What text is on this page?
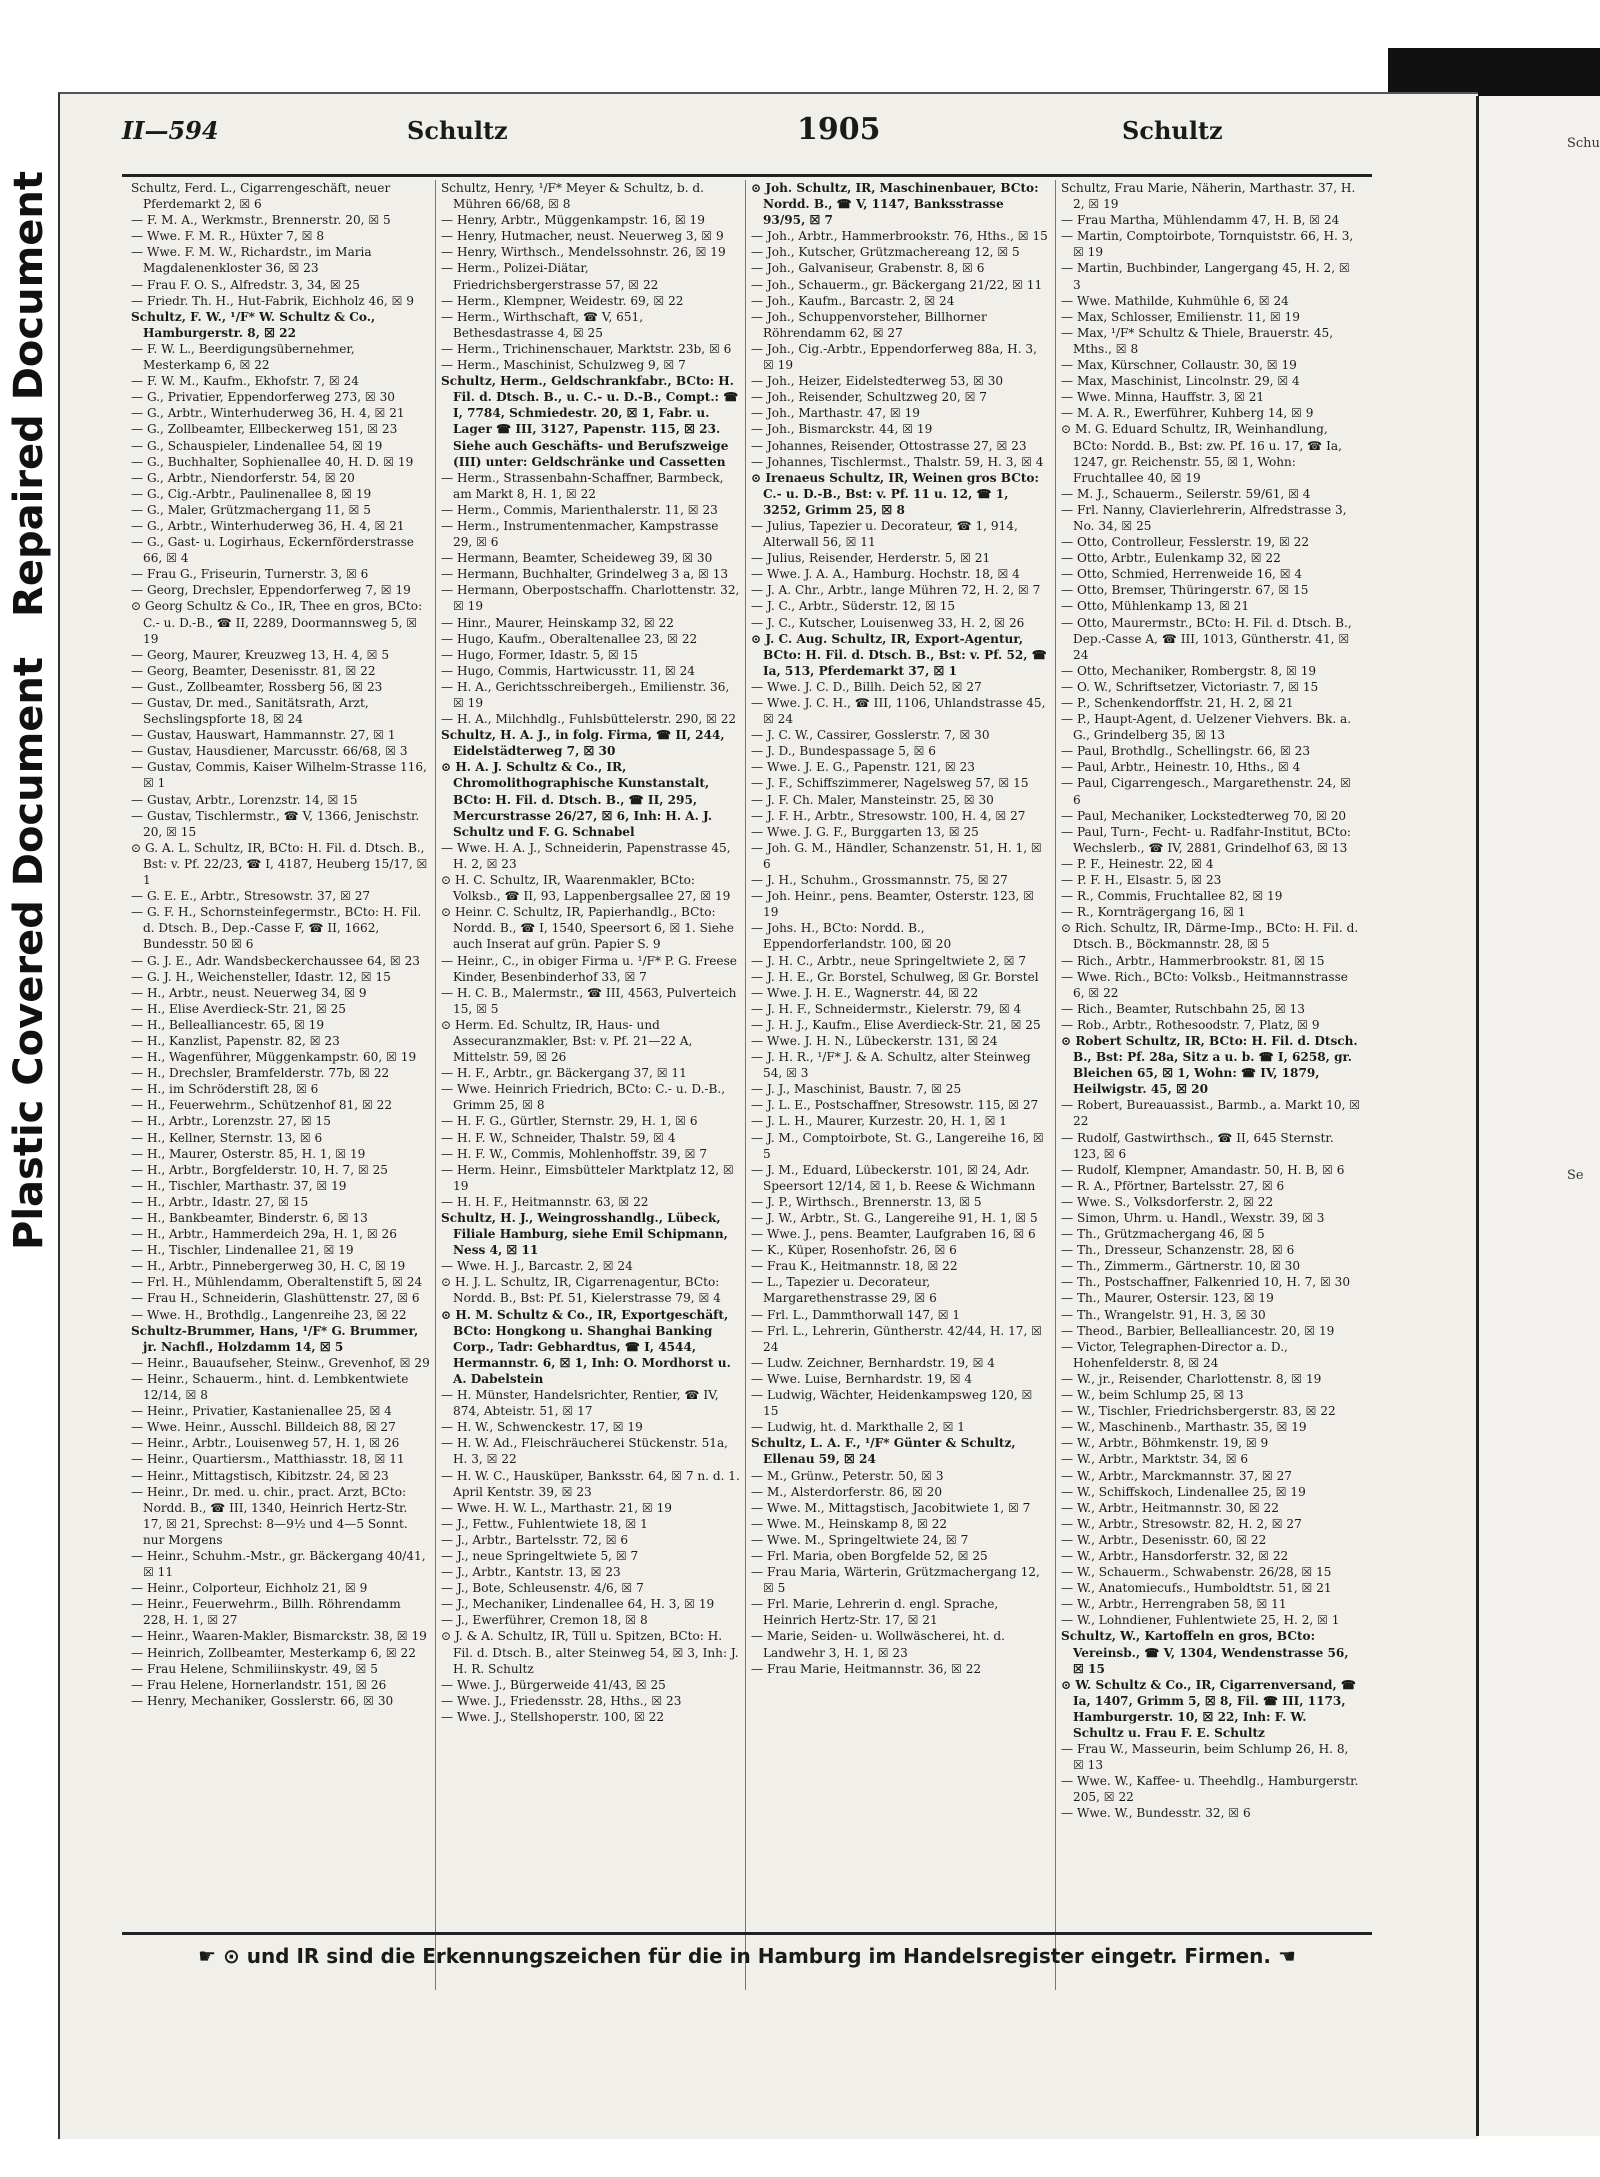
Plastic Covered Document
Repaired Document
II—594	Schultz	1905	Schultz

Schultz, Ferd. L., Cigarrengeschäft, neuer Pferdemarkt 2, ☒ 6

— F. M. A., Werkmstr., Brennerstr. 20, ☒ 5

— Wwe. F. M. R., Hüxter 7, ☒ 8

— Wwe. F. M. W., Richardstr., im Maria Magdalenenkloster 36, ☒ 23

— Frau F. O. S., Alfredstr. 3, 34, ☒ 25

— Friedr. Th. H., Hut-Fabrik, Eichholz 46, ☒ 9

Schultz, F. W., ¹/F* W. Schultz & Co., Hamburgerstr. 8, ☒ 22

— F. W. L., Beerdigungsübernehmer, Mesterkamp 6, ☒ 22

— F. W. M., Kaufm., Ekhofstr. 7, ☒ 24

— G., Privatier, Eppendorferweg 273, ☒ 30

— G., Arbtr., Winterhuderweg 36, H. 4, ☒ 21

— G., Zollbeamter, Ellbeckerweg 151, ☒ 23

— G., Schauspieler, Lindenallee 54, ☒ 19

— G., Buchhalter, Sophienallee 40, H. D. ☒ 19

— G., Arbtr., Niendorferstr. 54, ☒ 20

— G., Cig.-Arbtr., Paulinenallee 8, ☒ 19

— G., Maler, Grützmachergang 11, ☒ 5

— G., Arbtr., Winterhuderweg 36, H. 4, ☒ 21

— G., Gast- u. Logirhaus, Eckernförderstrasse 66, ☒ 4

— Frau G., Friseurin, Turnerstr. 3, ☒ 6

— Georg, Drechsler, Eppendorferweg 7, ☒ 19

⊙ Georg Schultz & Co., IR, Thee en gros, BCto: C.- u. D.-B., ☎ II, 2289, Doormannsweg 5, ☒ 19

— Georg, Maurer, Kreuzweg 13, H. 4, ☒ 5

— Georg, Beamter, Desenisstr. 81, ☒ 22

— Gust., Zollbeamter, Rossberg 56, ☒ 23

— Gustav, Dr. med., Sanitätsrath, Arzt, Sechslingspforte 18, ☒ 24

— Gustav, Hauswart, Hammannstr. 27, ☒ 1

— Gustav, Hausdiener, Marcusstr. 66/68, ☒ 3

— Gustav, Commis, Kaiser Wilhelm-Strasse 116, ☒ 1

— Gustav, Arbtr., Lorenzstr. 14, ☒ 15

— Gustav, Tischlermstr., ☎ V, 1366, Jenischstr. 20, ☒ 15

⊙ G. A. L. Schultz, IR, BCto: H. Fil. d. Dtsch. B., Bst: v. Pf. 22/23, ☎ I, 4187, Heuberg 15/17, ☒ 1

— G. E. E., Arbtr., Stresowstr. 37, ☒ 27

— G. F. H., Schornsteinfegermstr., BCto: H. Fil. d. Dtsch. B., Dep.-Casse F, ☎ II, 1662, Bundesstr. 50 ☒ 6

— G. J. E., Adr. Wandsbeckerchaussee 64, ☒ 23

— G. J. H., Weichensteller, Idastr. 12, ☒ 15

— H., Arbtr., neust. Neuerweg 34, ☒ 9

— H., Elise Averdieck-Str. 21, ☒ 25

— H., Bellealliancestr. 65, ☒ 19

— H., Kanzlist, Papenstr. 82, ☒ 23

— H., Wagenführer, Müggenkampstr. 60, ☒ 19

— H., Drechsler, Bramfelderstr. 77b, ☒ 22

— H., im Schröderstift 28, ☒ 6

— H., Feuerwehrm., Schützenhof 81, ☒ 22

— H., Arbtr., Lorenzstr. 27, ☒ 15

— H., Kellner, Sternstr. 13, ☒ 6

— H., Maurer, Osterstr. 85, H. 1, ☒ 19

— H., Arbtr., Borgfelderstr. 10, H. 7, ☒ 25

— H., Tischler, Marthastr. 37, ☒ 19

— H., Arbtr., Idastr. 27, ☒ 15

— H., Bankbeamter, Binderstr. 6, ☒ 13

— H., Arbtr., Hammerdeich 29a, H. 1, ☒ 26

— H., Tischler, Lindenallee 21, ☒ 19

— H., Arbtr., Pinnebergerweg 30, H. C, ☒ 19

— Frl. H., Mühlendamm, Oberaltenstift 5, ☒ 24

— Frau H., Schneiderin, Glashüttenstr. 27, ☒ 6

— Wwe. H., Brothdlg., Langenreihe 23, ☒ 22

Schultz-Brummer, Hans, ¹/F* G. Brummer, jr. Nachfl., Holzdamm 14, ☒ 5

— Heinr., Bauaufseher, Steinw., Grevenhof, ☒ 29

— Heinr., Schauerm., hint. d. Lembkentwiete 12/14, ☒ 8

— Heinr., Privatier, Kastanienallee 25, ☒ 4

— Wwe. Heinr., Ausschl. Billdeich 88, ☒ 27

— Heinr., Arbtr., Louisenweg 57, H. 1, ☒ 26

— Heinr., Quartiersm., Matthiasstr. 18, ☒ 11

— Heinr., Mittagstisch, Kibitzstr. 24, ☒ 23

— Heinr., Dr. med. u. chir., pract. Arzt, BCto: Nordd. B., ☎ III, 1340, Heinrich Hertz-Str. 17, ☒ 21, Sprechst: 8—9½ und 4—5 Sonnt. nur Morgens

— Heinr., Schuhm.-Mstr., gr. Bäckergang 40/41, ☒ 11

— Heinr., Colporteur, Eichholz 21, ☒ 9

— Heinr., Feuerwehrm., Billh. Röhrendamm 228, H. 1, ☒ 27

— Heinr., Waaren-Makler, Bismarckstr. 38, ☒ 19

— Heinrich, Zollbeamter, Mesterkamp 6, ☒ 22

— Frau Helene, Schmiliinskystr. 49, ☒ 5

— Frau Helene, Hornerlandstr. 151, ☒ 26

— Henry, Mechaniker, Gosslerstr. 66, ☒ 30

Schultz, Henry, ¹/F* Meyer & Schultz, b. d. Mühren 66/68, ☒ 8

— Henry, Arbtr., Müggenkampstr. 16, ☒ 19

— Henry, Hutmacher, neust. Neuerweg 3, ☒ 9

— Henry, Wirthsch., Mendelssohnstr. 26, ☒ 19

— Herm., Polizei-Diätar, Friedrichsbergerstrasse 57, ☒ 22

— Herm., Klempner, Weidestr. 69, ☒ 22

— Herm., Wirthschaft, ☎ V, 651, Bethesdastrasse 4, ☒ 25

— Herm., Trichinenschauer, Marktstr. 23b, ☒ 6

— Herm., Maschinist, Schulzweg 9, ☒ 7

Schultz, Herm., Geldschrankfabr., BCto: H. Fil. d. Dtsch. B., u. C.- u. D.-B., Compt.: ☎ I, 7784, Schmiedestr. 20, ☒ 1, Fabr. u. Lager ☎ III, 3127, Papenstr. 115, ☒ 23. Siehe auch Geschäfts- und Berufszweige (III) unter: Geldschränke und Cassetten

— Herm., Strassenbahn-Schaffner, Barmbeck, am Markt 8, H. 1, ☒ 22

— Herm., Commis, Marienthalerstr. 11, ☒ 23

— Herm., Instrumentenmacher, Kampstrasse 29, ☒ 6

— Hermann, Beamter, Scheideweg 39, ☒ 30

— Hermann, Buchhalter, Grindelweg 3 a, ☒ 13

— Hermann, Oberpostschaffn. Charlottenstr. 32, ☒ 19

— Hinr., Maurer, Heinskamp 32, ☒ 22

— Hugo, Kaufm., Oberaltenallee 23, ☒ 22

— Hugo, Former, Idastr. 5, ☒ 15

— Hugo, Commis, Hartwicusstr. 11, ☒ 24

— H. A., Gerichtsschreibergeh., Emilienstr. 36, ☒ 19

— H. A., Milchhdlg., Fuhlsbüttelerstr. 290, ☒ 22

Schultz, H. A. J., in folg. Firma, ☎ II, 244, Eidelstädterweg 7, ☒ 30

⊙ H. A. J. Schultz & Co., IR, Chromolithographische Kunstanstalt, BCto: H. Fil. d. Dtsch. B., ☎ II, 295, Mercurstrasse 26/27, ☒ 6, Inh: H. A. J. Schultz und F. G. Schnabel

— Wwe. H. A. J., Schneiderin, Papenstrasse 45, H. 2, ☒ 23

⊙ H. C. Schultz, IR, Waarenmakler, BCto: Volksb., ☎ II, 93, Lappenbergsallee 27, ☒ 19

⊙ Heinr. C. Schultz, IR, Papierhandlg., BCto: Nordd. B., ☎ I, 1540, Speersort 6, ☒ 1. Siehe auch Inserat auf grün. Papier S. 9

— Heinr., C., in obiger Firma u. ¹/F* P. G. Freese Kinder, Besenbinderhof 33, ☒ 7

— H. C. B., Malermstr., ☎ III, 4563, Pulverteich 15, ☒ 5

⊙ Herm. Ed. Schultz, IR, Haus- und Assecuranzmakler, Bst: v. Pf. 21—22 A, Mittelstr. 59, ☒ 26

— H. F., Arbtr., gr. Bäckergang 37, ☒ 11

— Wwe. Heinrich Friedrich, BCto: C.- u. D.-B., Grimm 25, ☒ 8

— H. F. G., Gürtler, Sternstr. 29, H. 1, ☒ 6

— H. F. W., Schneider, Thalstr. 59, ☒ 4

— H. F. W., Commis, Mohlenhoffstr. 39, ☒ 7

— Herm. Heinr., Eimsbütteler Marktplatz 12, ☒ 19

— H. H. F., Heitmannstr. 63, ☒ 22

Schultz, H. J., Weingrosshandlg., Lübeck, Filiale Hamburg, siehe Emil Schipmann, Ness 4, ☒ 11

— Wwe. H. J., Barcastr. 2, ☒ 24

⊙ H. J. L. Schultz, IR, Cigarrenagentur, BCto: Nordd. B., Bst: Pf. 51, Kielerstrasse 79, ☒ 4

⊙ H. M. Schultz & Co., IR, Exportgeschäft, BCto: Hongkong u. Shanghai Banking Corp., Tadr: Gebhardtus, ☎ I, 4544, Hermannstr. 6, ☒ 1, Inh: O. Mordhorst u. A. Dabelstein

— H. Münster, Handelsrichter, Rentier, ☎ IV, 874, Abteistr. 51, ☒ 17

— H. W., Schwenckestr. 17, ☒ 19

— H. W. Ad., Fleischräucherei Stückenstr. 51a, H. 3, ☒ 22

— H. W. C., Hausküper, Banksstr. 64, ☒ 7 n. d. 1. April Kentstr. 39, ☒ 23

— Wwe. H. W. L., Marthastr. 21, ☒ 19

— J., Fettw., Fuhlentwiete 18, ☒ 1

— J., Arbtr., Bartelsstr. 72, ☒ 6

— J., neue Springeltwiete 5, ☒ 7

— J., Arbtr., Kantstr. 13, ☒ 23

— J., Bote, Schleusenstr. 4/6, ☒ 7

— J., Mechaniker, Lindenallee 64, H. 3, ☒ 19

— J., Ewerführer, Cremon 18, ☒ 8

⊙ J. & A. Schultz, IR, Tüll u. Spitzen, BCto: H. Fil. d. Dtsch. B., alter Steinweg 54, ☒ 3, Inh: J. H. R. Schultz

— Wwe. J., Bürgerweide 41/43, ☒ 25

— Wwe. J., Friedensstr. 28, Hths., ☒ 23

— Wwe. J., Stellshoperstr. 100, ☒ 22

⊙ Joh. Schultz, IR, Maschinenbauer, BCto: Nordd. B., ☎ V, 1147, Banksstrasse 93/95, ☒ 7

— Joh., Arbtr., Hammerbrookstr. 76, Hths., ☒ 15

— Joh., Kutscher, Grützmachereang 12, ☒ 5

— Joh., Galvaniseur, Grabenstr. 8, ☒ 6

— Joh., Schauerm., gr. Bäckergang 21/22, ☒ 11

— Joh., Kaufm., Barcastr. 2, ☒ 24

— Joh., Schuppenvorsteher, Billhorner Röhrendamm 62, ☒ 27

— Joh., Cig.-Arbtr., Eppendorferweg 88a, H. 3, ☒ 19

— Joh., Heizer, Eidelstedterweg 53, ☒ 30

— Joh., Reisender, Schultzweg 20, ☒ 7

— Joh., Marthastr. 47, ☒ 19

— Joh., Bismarckstr. 44, ☒ 19

— Johannes, Reisender, Ottostrasse 27, ☒ 23

— Johannes, Tischlermst., Thalstr. 59, H. 3, ☒ 4

⊙ Irenaeus Schultz, IR, Weinen gros BCto: C.- u. D.-B., Bst: v. Pf. 11 u. 12, ☎ 1, 3252, Grimm 25, ☒ 8

— Julius, Tapezier u. Decorateur, ☎ 1, 914, Alterwall 56, ☒ 11

— Julius, Reisender, Herderstr. 5, ☒ 21

— Wwe. J. A. A., Hamburg. Hochstr. 18, ☒ 4

— J. A. Chr., Arbtr., lange Mühren 72, H. 2, ☒ 7

— J. C., Arbtr., Süderstr. 12, ☒ 15

— J. C., Kutscher, Louisenweg 33, H. 2, ☒ 26

⊙ J. C. Aug. Schultz, IR, Export-Agentur, BCto: H. Fil. d. Dtsch. B., Bst: v. Pf. 52, ☎ Ia, 513, Pferdemarkt 37, ☒ 1

— Wwe. J. C. D., Billh. Deich 52, ☒ 27

— Wwe. J. C. H., ☎ III, 1106, Uhlandstrasse 45, ☒ 24

— J. C. W., Cassirer, Gosslerstr. 7, ☒ 30

— J. D., Bundespassage 5, ☒ 6

— Wwe. J. E. G., Papenstr. 121, ☒ 23

— J. F., Schiffszimmerer, Nagelsweg 57, ☒ 15

— J. F. Ch. Maler, Mansteinstr. 25, ☒ 30

— J. F. H., Arbtr., Stresowstr. 100, H. 4, ☒ 27

— Wwe. J. G. F., Burggarten 13, ☒ 25

— Joh. G. M., Händler, Schanzenstr. 51, H. 1, ☒ 6

— J. H., Schuhm., Grossmannstr. 75, ☒ 27

— Joh. Heinr., pens. Beamter, Osterstr. 123, ☒ 19

— Johs. H., BCto: Nordd. B., Eppendorferlandstr. 100, ☒ 20

— J. H. C., Arbtr., neue Springeltwiete 2, ☒ 7

— J. H. E., Gr. Borstel, Schulweg, ☒ Gr. Borstel

— Wwe. J. H. E., Wagnerstr. 44, ☒ 22

— J. H. F., Schneidermstr., Kielerstr. 79, ☒ 4

— J. H. J., Kaufm., Elise Averdieck-Str. 21, ☒ 25

— Wwe. J. H. N., Lübeckerstr. 131, ☒ 24

— J. H. R., ¹/F* J. & A. Schultz, alter Steinweg 54, ☒ 3

— J. J., Maschinist, Baustr. 7, ☒ 25

— J. L. E., Postschaffner, Stresowstr. 115, ☒ 27

— J. L. H., Maurer, Kurzestr. 20, H. 1, ☒ 1

— J. M., Comptoirbote, St. G., Langereihe 16, ☒ 5

— J. M., Eduard, Lübeckerstr. 101, ☒ 24, Adr. Speersort 12/14, ☒ 1, b. Reese & Wichmann

— J. P., Wirthsch., Brennerstr. 13, ☒ 5

— J. W., Arbtr., St. G., Langereihe 91, H. 1, ☒ 5

— Wwe. J., pens. Beamter, Laufgraben 16, ☒ 6

— K., Küper, Rosenhofstr. 26, ☒ 6

— Frau K., Heitmannstr. 18, ☒ 22

— L., Tapezier u. Decorateur, Margarethenstrasse 29, ☒ 6

— Frl. L., Dammthorwall 147, ☒ 1

— Frl. L., Lehrerin, Güntherstr. 42/44, H. 17, ☒ 24

— Ludw. Zeichner, Bernhardstr. 19, ☒ 4

— Wwe. Luise, Bernhardstr. 19, ☒ 4

— Ludwig, Wächter, Heidenkampsweg 120, ☒ 15

— Ludwig, ht. d. Markthalle 2, ☒ 1

Schultz, L. A. F., ¹/F* Günter & Schultz, Ellenau 59, ☒ 24

— M., Grünw., Peterstr. 50, ☒ 3

— M., Alsterdorferstr. 86, ☒ 20

— Wwe. M., Mittagstisch, Jacobitwiete 1, ☒ 7

— Wwe. M., Heinskamp 8, ☒ 22

— Wwe. M., Springeltwiete 24, ☒ 7

— Frl. Maria, oben Borgfelde 52, ☒ 25

— Frau Maria, Wärterin, Grützmachergang 12, ☒ 5

— Frl. Marie, Lehrerin d. engl. Sprache, Heinrich Hertz-Str. 17, ☒ 21

— Marie, Seiden- u. Wollwäscherei, ht. d. Landwehr 3, H. 1, ☒ 23

— Frau Marie, Heitmannstr. 36, ☒ 22

Schultz, Frau Marie, Näherin, Marthastr. 37, H. 2, ☒ 19

— Frau Martha, Mühlendamm 47, H. B, ☒ 24

— Martin, Comptoirbote, Tornquiststr. 66, H. 3, ☒ 19

— Martin, Buchbinder, Langergang 45, H. 2, ☒ 3

— Wwe. Mathilde, Kuhmühle 6, ☒ 24

— Max, Schlosser, Emilienstr. 11, ☒ 19

— Max, ¹/F* Schultz & Thiele, Brauerstr. 45, Mths., ☒ 8

— Max, Kürschner, Collaustr. 30, ☒ 19

— Max, Maschinist, Lincolnstr. 29, ☒ 4

— Wwe. Minna, Hauffstr. 3, ☒ 21

— M. A. R., Ewerführer, Kuhberg 14, ☒ 9

⊙ M. G. Eduard Schultz, IR, Weinhandlung, BCto: Nordd. B., Bst: zw. Pf. 16 u. 17, ☎ Ia, 1247, gr. Reichenstr. 55, ☒ 1, Wohn: Fruchtallee 40, ☒ 19

— M. J., Schauerm., Seilerstr. 59/61, ☒ 4

— Frl. Nanny, Clavierlehrerin, Alfredstrasse 3, No. 34, ☒ 25

— Otto, Controlleur, Fesslerstr. 19, ☒ 22

— Otto, Arbtr., Eulenkamp 32, ☒ 22

— Otto, Schmied, Herrenweide 16, ☒ 4

— Otto, Bremser, Thüringerstr. 67, ☒ 15

— Otto, Mühlenkamp 13, ☒ 21

— Otto, Maurermstr., BCto: H. Fil. d. Dtsch. B., Dep.-Casse A, ☎ III, 1013, Güntherstr. 41, ☒ 24

— Otto, Mechaniker, Rombergstr. 8, ☒ 19

— O. W., Schriftsetzer, Victoriastr. 7, ☒ 15

— P., Schenkendorffstr. 21, H. 2, ☒ 21

— P., Haupt-Agent, d. Uelzener Viehvers. Bk. a. G., Grindelberg 35, ☒ 13

— Paul, Brothdlg., Schellingstr. 66, ☒ 23

— Paul, Arbtr., Heinestr. 10, Hths., ☒ 4

— Paul, Cigarrengesch., Margarethenstr. 24, ☒ 6

— Paul, Mechaniker, Lockstedterweg 70, ☒ 20

— Paul, Turn-, Fecht- u. Radfahr-Institut, BCto: Wechslerb., ☎ IV, 2881, Grindelhof 63, ☒ 13

— P. F., Heinestr. 22, ☒ 4

— P. F. H., Elsastr. 5, ☒ 23

— R., Commis, Fruchtallee 82, ☒ 19

— R., Kornträgergang 16, ☒ 1

⊙ Rich. Schultz, IR, Därme-Imp., BCto: H. Fil. d. Dtsch. B., Böckmannstr. 28, ☒ 5

— Rich., Arbtr., Hammerbrookstr. 81, ☒ 15

— Wwe. Rich., BCto: Volksb., Heitmannstrasse 6, ☒ 22

— Rich., Beamter, Rutschbahn 25, ☒ 13

— Rob., Arbtr., Rothesoodstr. 7, Platz, ☒ 9

⊙ Robert Schultz, IR, BCto: H. Fil. d. Dtsch. B., Bst: Pf. 28a, Sitz a u. b. ☎ I, 6258, gr. Bleichen 65, ☒ 1, Wohn: ☎ IV, 1879, Heilwigstr. 45, ☒ 20

— Robert, Bureauassist., Barmb., a. Markt 10, ☒ 22

— Rudolf, Gastwirthsch., ☎ II, 645 Sternstr. 123, ☒ 6

— Rudolf, Klempner, Amandastr. 50, H. B, ☒ 6

— R. A., Pförtner, Bartelsstr. 27, ☒ 6

— Wwe. S., Volksdorferstr. 2, ☒ 22

— Simon, Uhrm. u. Handl., Wexstr. 39, ☒ 3

— Th., Grützmachergang 46, ☒ 5

— Th., Dresseur, Schanzenstr. 28, ☒ 6

— Th., Zimmerm., Gärtnerstr. 10, ☒ 30

— Th., Postschaffner, Falkenried 10, H. 7, ☒ 30

— Th., Maurer, Ostersir. 123, ☒ 19

— Th., Wrangelstr. 91, H. 3, ☒ 30

— Theod., Barbier, Bellealliancestr. 20, ☒ 19

— Victor, Telegraphen-Director a. D., Hohenfelderstr. 8, ☒ 24

— W., jr., Reisender, Charlottenstr. 8, ☒ 19

— W., beim Schlump 25, ☒ 13

— W., Tischler, Friedrichsbergerstr. 83, ☒ 22

— W., Maschinenb., Marthastr. 35, ☒ 19

— W., Arbtr., Böhmkenstr. 19, ☒ 9

— W., Arbtr., Marktstr. 34, ☒ 6

— W., Arbtr., Marckmannstr. 37, ☒ 27

— W., Schiffskoch, Lindenallee 25, ☒ 19

— W., Arbtr., Heitmannstr. 30, ☒ 22

— W., Arbtr., Stresowstr. 82, H. 2, ☒ 27

— W., Arbtr., Desenisstr. 60, ☒ 22

— W., Arbtr., Hansdorferstr. 32, ☒ 22

— W., Schauerm., Schwabenstr. 26/28, ☒ 15

— W., Anatomiecufs., Humboldtstr. 51, ☒ 21

— W., Arbtr., Herrengraben 58, ☒ 11

— W., Lohndiener, Fuhlentwiete 25, H. 2, ☒ 1

Schultz, W., Kartoffeln en gros, BCto: Vereinsb., ☎ V, 1304, Wendenstrasse 56, ☒ 15

⊙ W. Schultz & Co., IR, Cigarrenversand, ☎ Ia, 1407, Grimm 5, ☒ 8, Fil. ☎ III, 1173, Hamburgerstr. 10, ☒ 22, Inh: F. W. Schultz u. Frau F. E. Schultz

— Frau W., Masseurin, beim Schlump 26, H. 8, ☒ 13

— Wwe. W., Kaffee- u. Theehdlg., Hamburgerstr. 205, ☒ 22

— Wwe. W., Bundesstr. 32, ☒ 6

☛ ⊙ und IR sind die Erkennungszeichen für die in Hamburg im Handelsregister eingetr. Firmen. ☚
Schu
Se
